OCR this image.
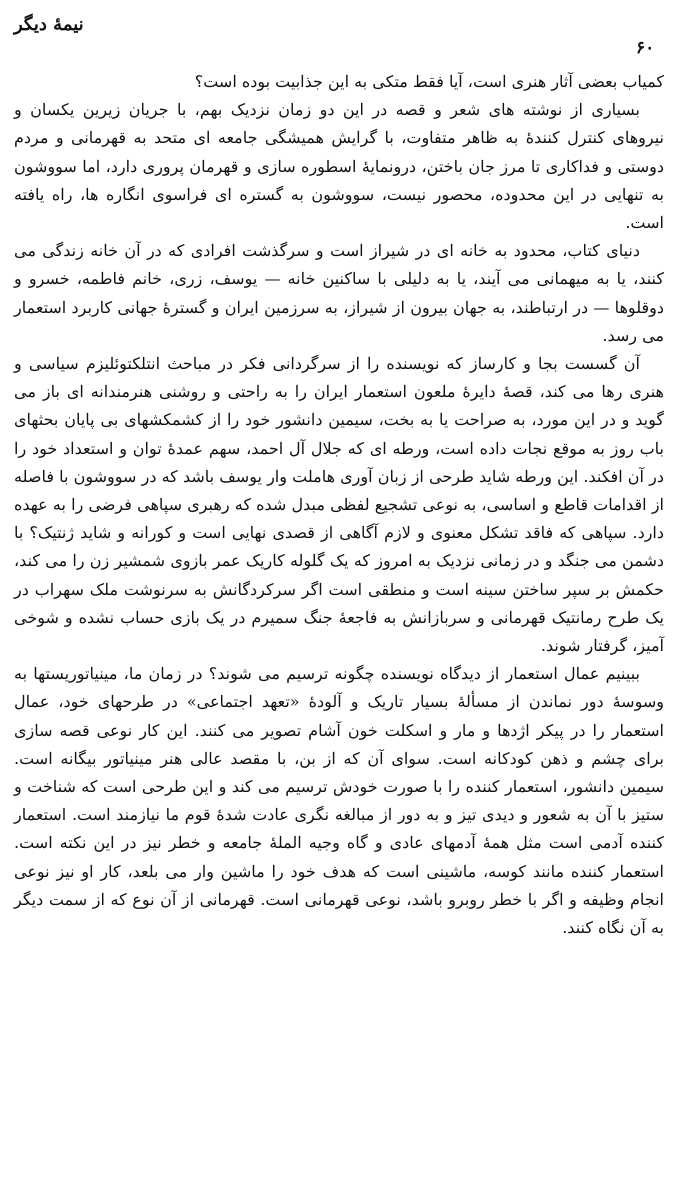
نیمهٔ دیگر
۶۰

کمیاب بعضی آثار هنری است، آیا فقط متکی به این جذابیت بوده است؟

بسیاری از نوشته های شعر و قصه در این دو زمان نزدیک بهم، با جریان زیرین یکسان و نیروهای کنترل کنندهٔ به ظاهر متفاوت، با گرایش همیشگی جامعه ای متحد به قهرمانی و مردم دوستی و فداکاری تا مرز جان باختن، درونمایهٔ اسطوره سازی و قهرمان پروری دارد، اما سووشون به تنهایی در این محدوده، محصور نیست، سووشون به گستره ای فراسوی انگاره ها، راه یافته است.

دنیای کتاب، محدود به خانه ای در شیراز است و سرگذشت افرادی که در آن خانه زندگی می کنند، یا به میهمانی می آیند، یا به دلیلی با ساکنین خانه — یوسف، زری، خانم فاطمه، خسرو و دوقلوها — در ارتباطند، به جهان بیرون از شیراز، به سرزمین ایران و گسترهٔ جهانی کاربرد استعمار می رسد.

آن گسست بجا و کارساز که نویسنده را از سرگردانی فکر در مباحث انتلکتوئلیزم سیاسی و هنری رها می کند، قصهٔ دایرهٔ ملعون استعمار ایران را به راحتی و روشنی هنرمندانه ای باز می گوید و در این مورد، به صراحت یا به بخت، سیمین دانشور خود را از کشمکشهای بی پایان بحثهای باب روز به موقع نجات داده است، ورطه ای که جلال آل احمد، سهم عمدهٔ توان و استعداد خود را در آن افکند. این ورطه شاید طرحی از زبان آوری هاملت وار یوسف باشد که در سووشون با فاصله از اقدامات قاطع و اساسی، به نوعی تشجیع لفظی مبدل شده که رهبری سپاهی فرضی را به عهده دارد. سپاهی که فاقد تشکل معنوی و لازم آگاهی از قصدی نهایی است و کورانه و شاید ژنتیک؟ با دشمن می جنگد و در زمانی نزدیک به امروز که یک گلوله کاریک عمر بازوی شمشیر زن را می کند، حکمش بر سپر ساختن سینه است و منطقی است اگر سرکردگانش به سرنوشت ملک سهراب در یک طرح رمانتیک قهرمانی و سربازانش به فاجعهٔ جنگ سمیرم در یک بازی حساب نشده و شوخی آمیز، گرفتار شوند.

ببینیم عمال استعمار از دیدگاه نویسنده چگونه ترسیم می شوند؟ در زمان ما، مینیاتوریستها به وسوسهٔ دور نماندن از مسألهٔ بسیار تاریک و آلودهٔ «تعهد اجتماعی» در طرحهای خود، عمال استعمار را در پیکر اژدها و مار و اسکلت خون آشام تصویر می کنند. این کار نوعی قصه سازی برای چشم و ذهن کودکانه است. سوای آن که از بن، با مقصد عالی هنر مینیاتور بیگانه است. سیمین دانشور، استعمار کننده را با صورت خودش ترسیم می کند و این طرحی است که شناخت و ستیز با آن به شعور و دیدی تیز و به دور از مبالغه نگری عادت شدهٔ قوم ما نیازمند است. استعمار کننده آدمی است مثل همهٔ آدمهای عادی و گاه وجیه الملهٔ جامعه و خطر نیز در این نکته است. استعمار کننده مانند کوسه، ماشینی است که هدف خود را ماشین وار می بلعد، کار او نیز نوعی انجام وظیفه و اگر با خطر روبرو باشد، نوعی قهرمانی است. قهرمانی از آن نوع که از سمت دیگر به آن نگاه کنند.
